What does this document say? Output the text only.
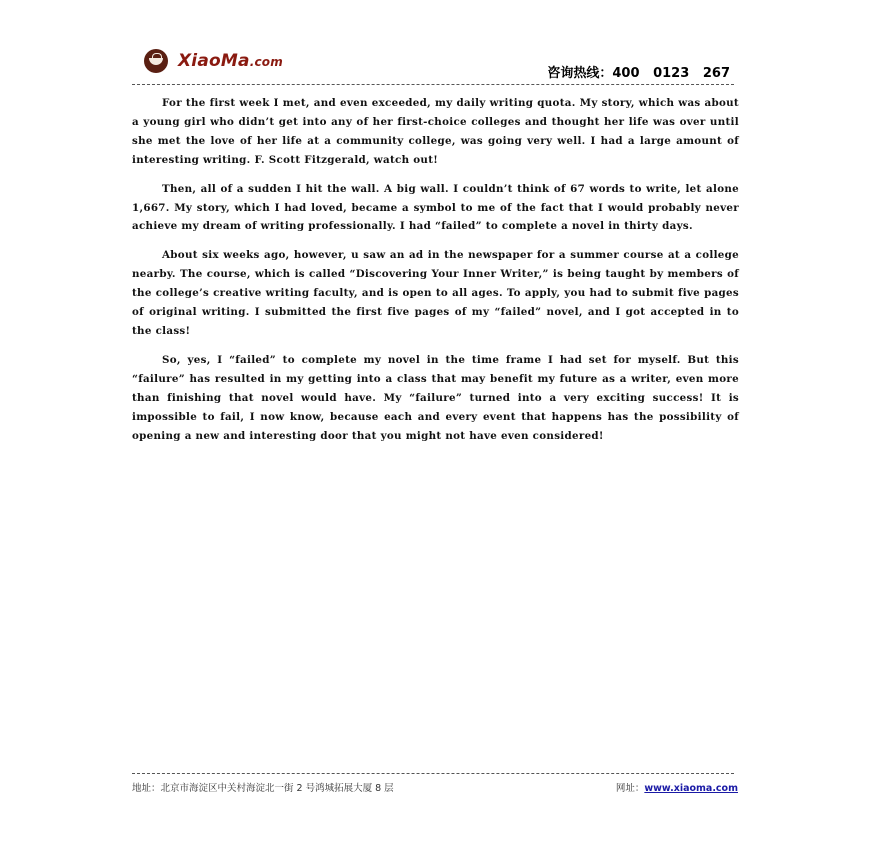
XiaoMa.com
咨询热线：400   0123   267

For the first week I met, and even exceeded, my daily writing quota. My story, which was about a young girl who didn’t get into any of her first-choice colleges and thought her life was over until she met the love of her life at a community college, was going very well. I had a large amount of interesting writing. F. Scott Fitzgerald, watch out!

Then, all of a sudden I hit the wall. A big wall. I couldn’t think of 67 words to write, let alone 1,667. My story, which I had loved, became a symbol to me of the fact that I would probably never achieve my dream of writing professionally. I had “failed” to complete a novel in thirty days.

About six weeks ago, however, u saw an ad in the newspaper for a summer course at a college nearby. The course, which is called “Discovering Your Inner Writer,” is being taught by members of the college’s creative writing faculty, and is open to all ages. To apply, you had to submit five pages of original writing. I submitted the first five pages of my “failed” novel, and I got accepted in to the class!

So, yes, I “failed” to complete my novel in the time frame I had set for myself. But this “failure” has resulted in my getting into a class that may benefit my future as a writer, even more than finishing that novel would have. My “failure” turned into a very exciting success! It is impossible to fail, I now know, because each and every event that happens has the possibility of opening a new and interesting door that you might not have even considered!

地址：北京市海淀区中关村海淀北一街 2 号鸿城拓展大厦 8 层	网址：www.xiaoma.com
